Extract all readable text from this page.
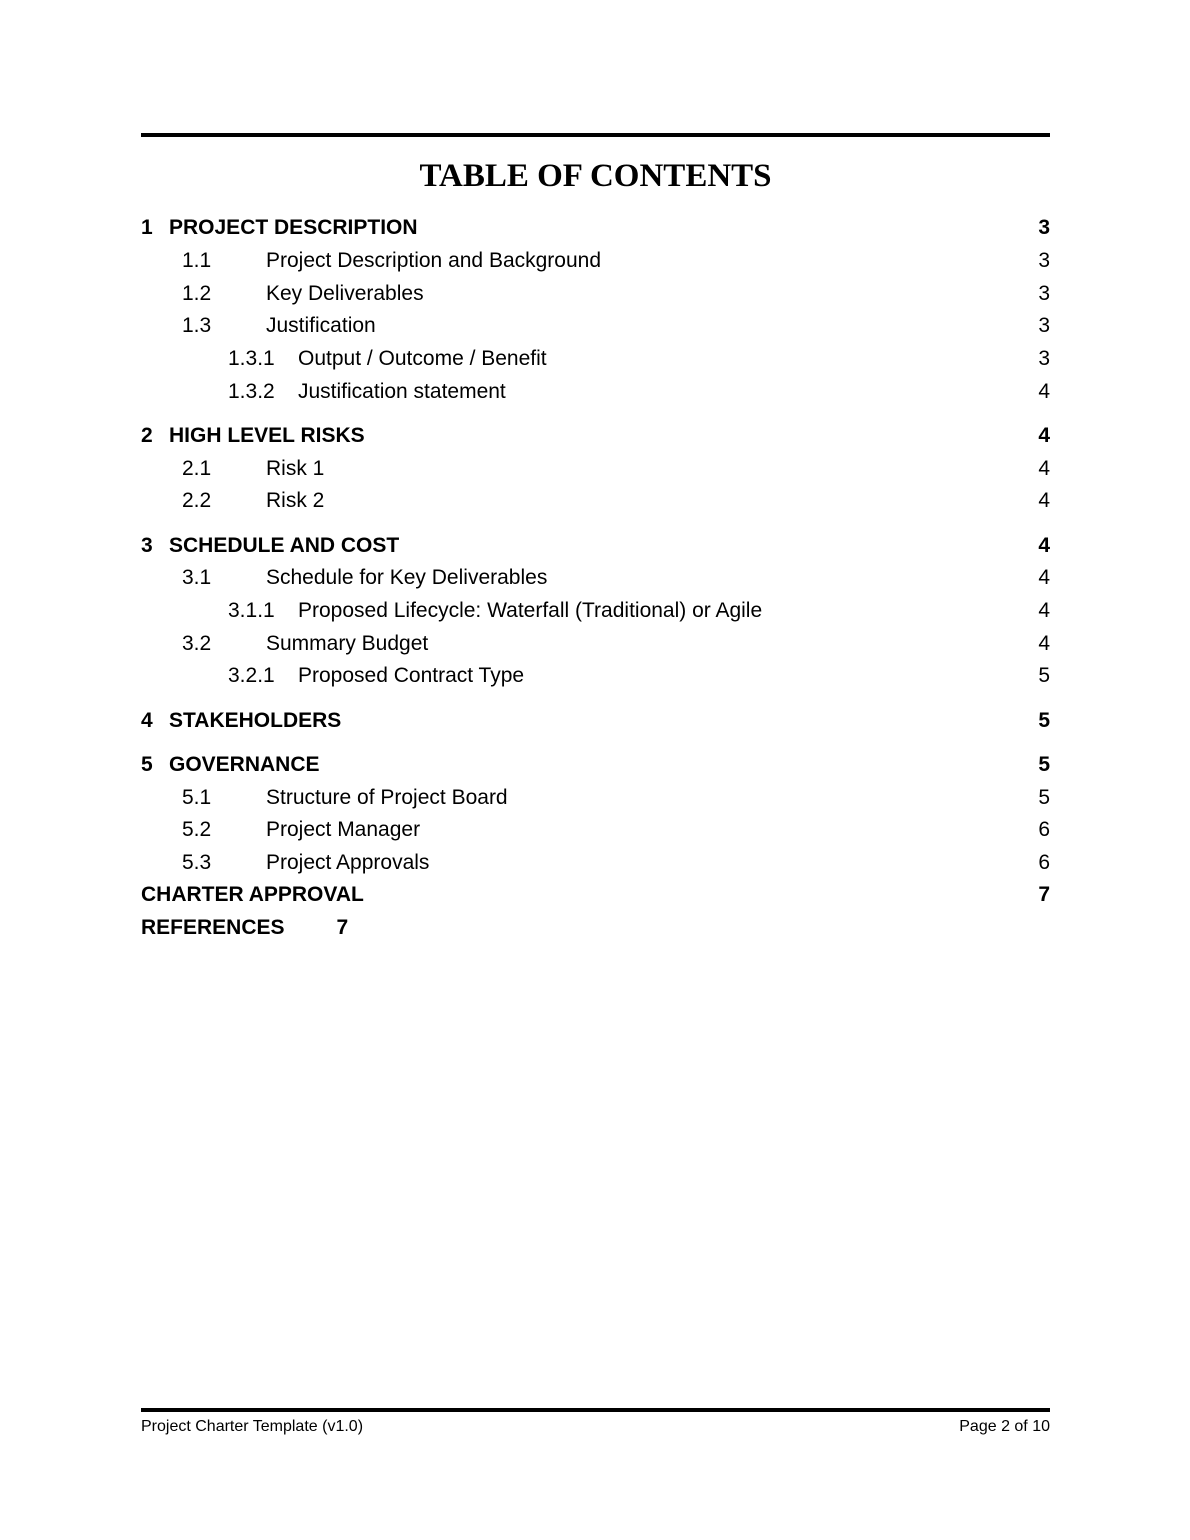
TABLE OF CONTENTS
1 PROJECT DESCRIPTION	3
1.1	Project Description and Background	3
1.2	Key Deliverables	3
1.3	Justification	3
1.3.1	Output / Outcome / Benefit	3
1.3.2	Justification statement	4
2 HIGH LEVEL RISKS	4
2.1	Risk 1	4
2.2	Risk 2	4
3 SCHEDULE AND COST	4
3.1	Schedule for Key Deliverables	4
3.1.1	Proposed Lifecycle: Waterfall (Traditional) or Agile	4
3.2	Summary Budget	4
3.2.1	Proposed Contract Type	5
4 STAKEHOLDERS	5
5 GOVERNANCE	5
5.1	Structure of Project Board	5
5.2	Project Manager	6
5.3	Project Approvals	6
CHARTER APPROVAL	7
REFERENCES 7
Project Charter Template (v1.0)	Page 2 of 10
